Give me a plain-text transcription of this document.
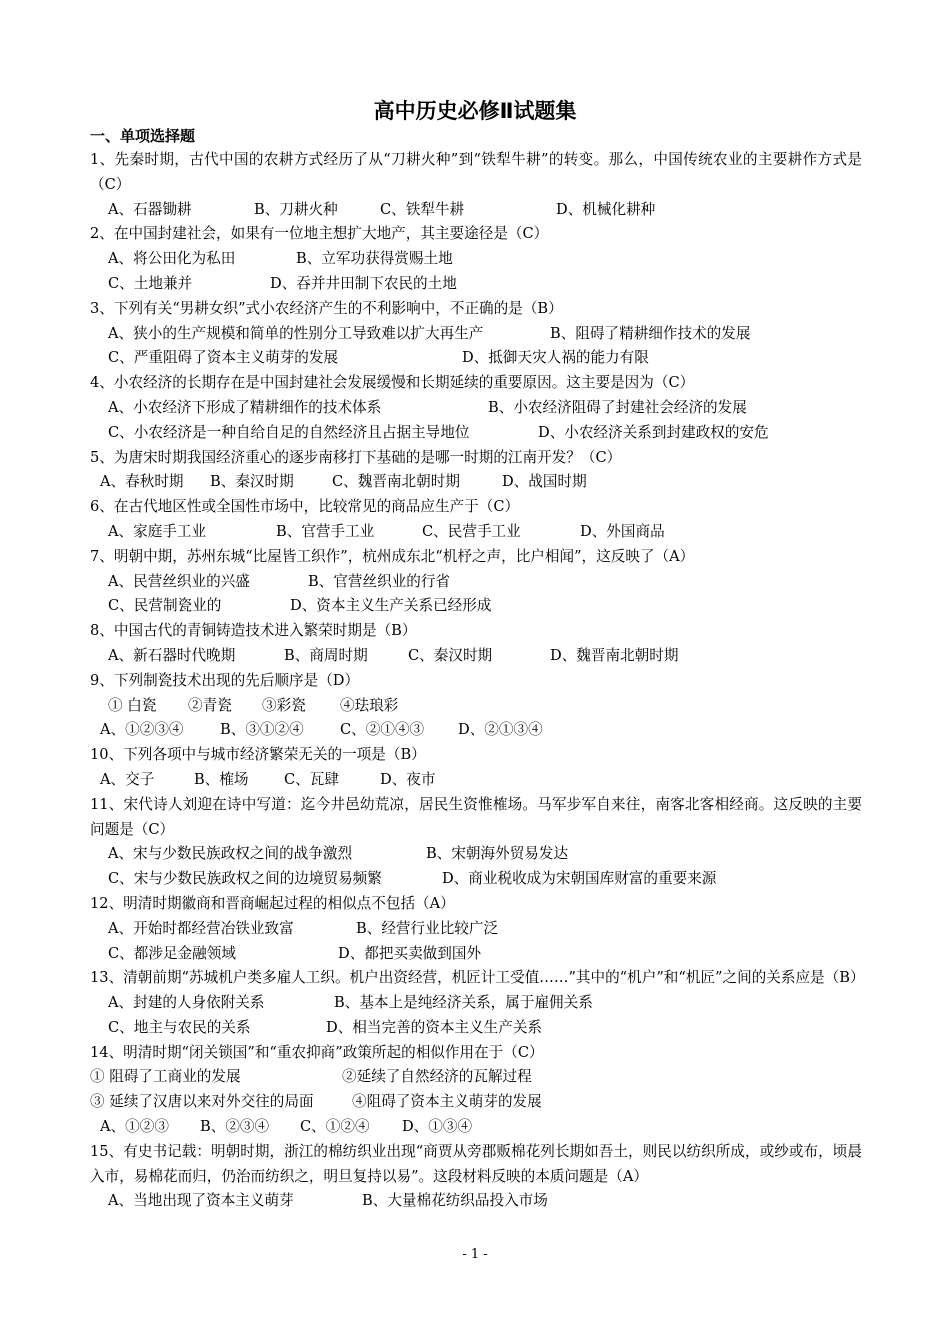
高中历史必修Ⅱ试题集
一、单项选择题

1、先秦时期，古代中国的农耕方式经历了从“刀耕火种”到“铁犁牛耕”的转变。那么，中国传统农业的主要耕作方式是（C）

A、石器锄耕	B、刀耕火种	C、铁犁牛耕	D、机械化耕种

2、在中国封建社会，如果有一位地主想扩大地产，其主要途径是（C）

A、将公田化为私田	B、立军功获得赏赐土地

C、土地兼并	D、吞并井田制下农民的土地

3、下列有关“男耕女织”式小农经济产生的不利影响中，不正确的是（B）

A、狭小的生产规模和简单的性别分工导致难以扩大再生产	B、阻碍了精耕细作技术的发展

C、严重阻碍了资本主义萌芽的发展	D、抵御天灾人祸的能力有限

4、小农经济的长期存在是中国封建社会发展缓慢和长期延续的重要原因。这主要是因为（C）

A、小农经济下形成了精耕细作的技术体系	B、小农经济阻碍了封建社会经济的发展

C、小农经济是一种自给自足的自然经济且占据主导地位	D、小农经济关系到封建政权的安危

5、为唐宋时期我国经济重心的逐步南移打下基础的是哪一时期的江南开发？（C）

A、春秋时期 B、秦汉时期	C、魏晋南北朝时期	D、战国时期

6、在古代地区性或全国性市场中，比较常见的商品应生产于（C）

A、家庭手工业	B、官营手工业	C、民营手工业	D、外国商品

7、明朝中期，苏州东城“比屋皆工织作”，杭州成东北“机杼之声，比户相闻”，这反映了（A）

A、民营丝织业的兴盛	B、官营丝织业的行省

C、民营制瓷业的	D、资本主义生产关系已经形成

8、中国古代的青铜铸造技术进入繁荣时期是（B）

A、新石器时代晚期	B、商周时期	C、秦汉时期	D、魏晋南北朝时期

9、下列制瓷技术出现的先后顺序是（D）

① 白瓷 ②青瓷 ③彩瓷 ④珐琅彩

A、①②③④ B、③①②④ C、②①④③ D、②①③④

10、下列各项中与城市经济繁荣无关的一项是（B）

A、交子	B、榷场 C、瓦肆	D、夜市

11、宋代诗人刘迎在诗中写道：迄今井邑幼荒凉，居民生资惟榷场。马军步军自来往，南客北客相经商。这反映的主要问题是（C）

A、宋与少数民族政权之间的战争激烈	B、宋朝海外贸易发达

C、宋与少数民族政权之间的边境贸易频繁	D、商业税收成为宋朝国库财富的重要来源

12、明清时期徽商和晋商崛起过程的相似点不包括（A）

A、开始时都经营冶铁业致富	B、经营行业比较广泛

C、都涉足金融领域	D、都把买卖做到国外

13、清朝前期“苏城机户类多雇人工织。机户出资经营，机匠计工受值……”其中的“机户”和“机匠”之间的关系应是（B）

A、封建的人身依附关系	B、基本上是纯经济关系，属于雇佣关系

C、地主与农民的关系	D、相当完善的资本主义生产关系

14、明清时期“闭关锁国”和“重农抑商”政策所起的相似作用在于（C）

① 阻碍了工商业的发展	②延续了自然经济的瓦解过程

③ 延续了汉唐以来对外交往的局面	④阻碍了资本主义萌芽的发展

A、①②③ B、②③④ C、①②④ D、①③④

15、有史书记载：明朝时期，浙江的棉纺织业出现“商贾从旁郡贩棉花列长期如吾土，则民以纺织所成，或纱或布，顷晨入市，易棉花而归，仍治而纺织之，明旦复持以易”。这段材料反映的本质问题是（A）

A、当地出现了资本主义萌芽	B、大量棉花纺织品投入市场

- 1 -
